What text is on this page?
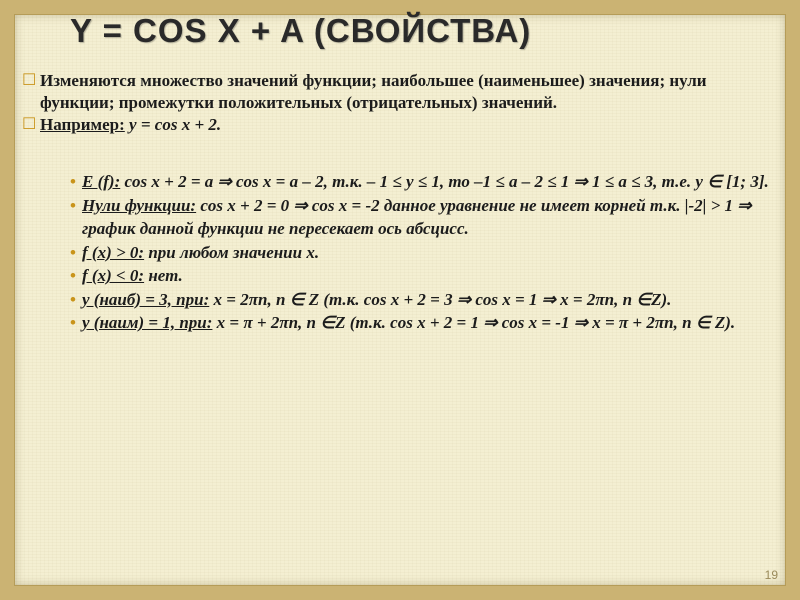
Y = COS X + A (СВОЙСТВА)
☐ Изменяются множество значений функции; наибольшее (наименьшее) значения; нули функции; промежутки положительных (отрицательных) значений.
☐ Например: y = cos x + 2.
• E (f): cos x + 2 = a ⇒ cos x = a – 2, т.к. – 1 ≤ y ≤ 1, то –1 ≤ a – 2 ≤ 1 ⇒ 1 ≤ a ≤ 3, т.е. y ∈ [1; 3].
• Нули функции: cos x + 2 = 0 ⇒ cos x = -2 данное уравнение не имеет корней т.к. |-2| > 1 ⇒ график данной функции не пересекает ось абсцисс.
• f (x) > 0: при любом значении x.
• f (x) < 0: нет.
• y (наиб) = 3, при: x = 2πn, n ∈ Z (т.к. cos x + 2 = 3 ⇒ cos x = 1 ⇒ x = 2πn, n ∈Z).
• y (наим) = 1, при: x = π + 2πn, n ∈Z (т.к. cos x + 2 = 1 ⇒ cos x = -1 ⇒ x = π + 2πn, n ∈ Z).
19
